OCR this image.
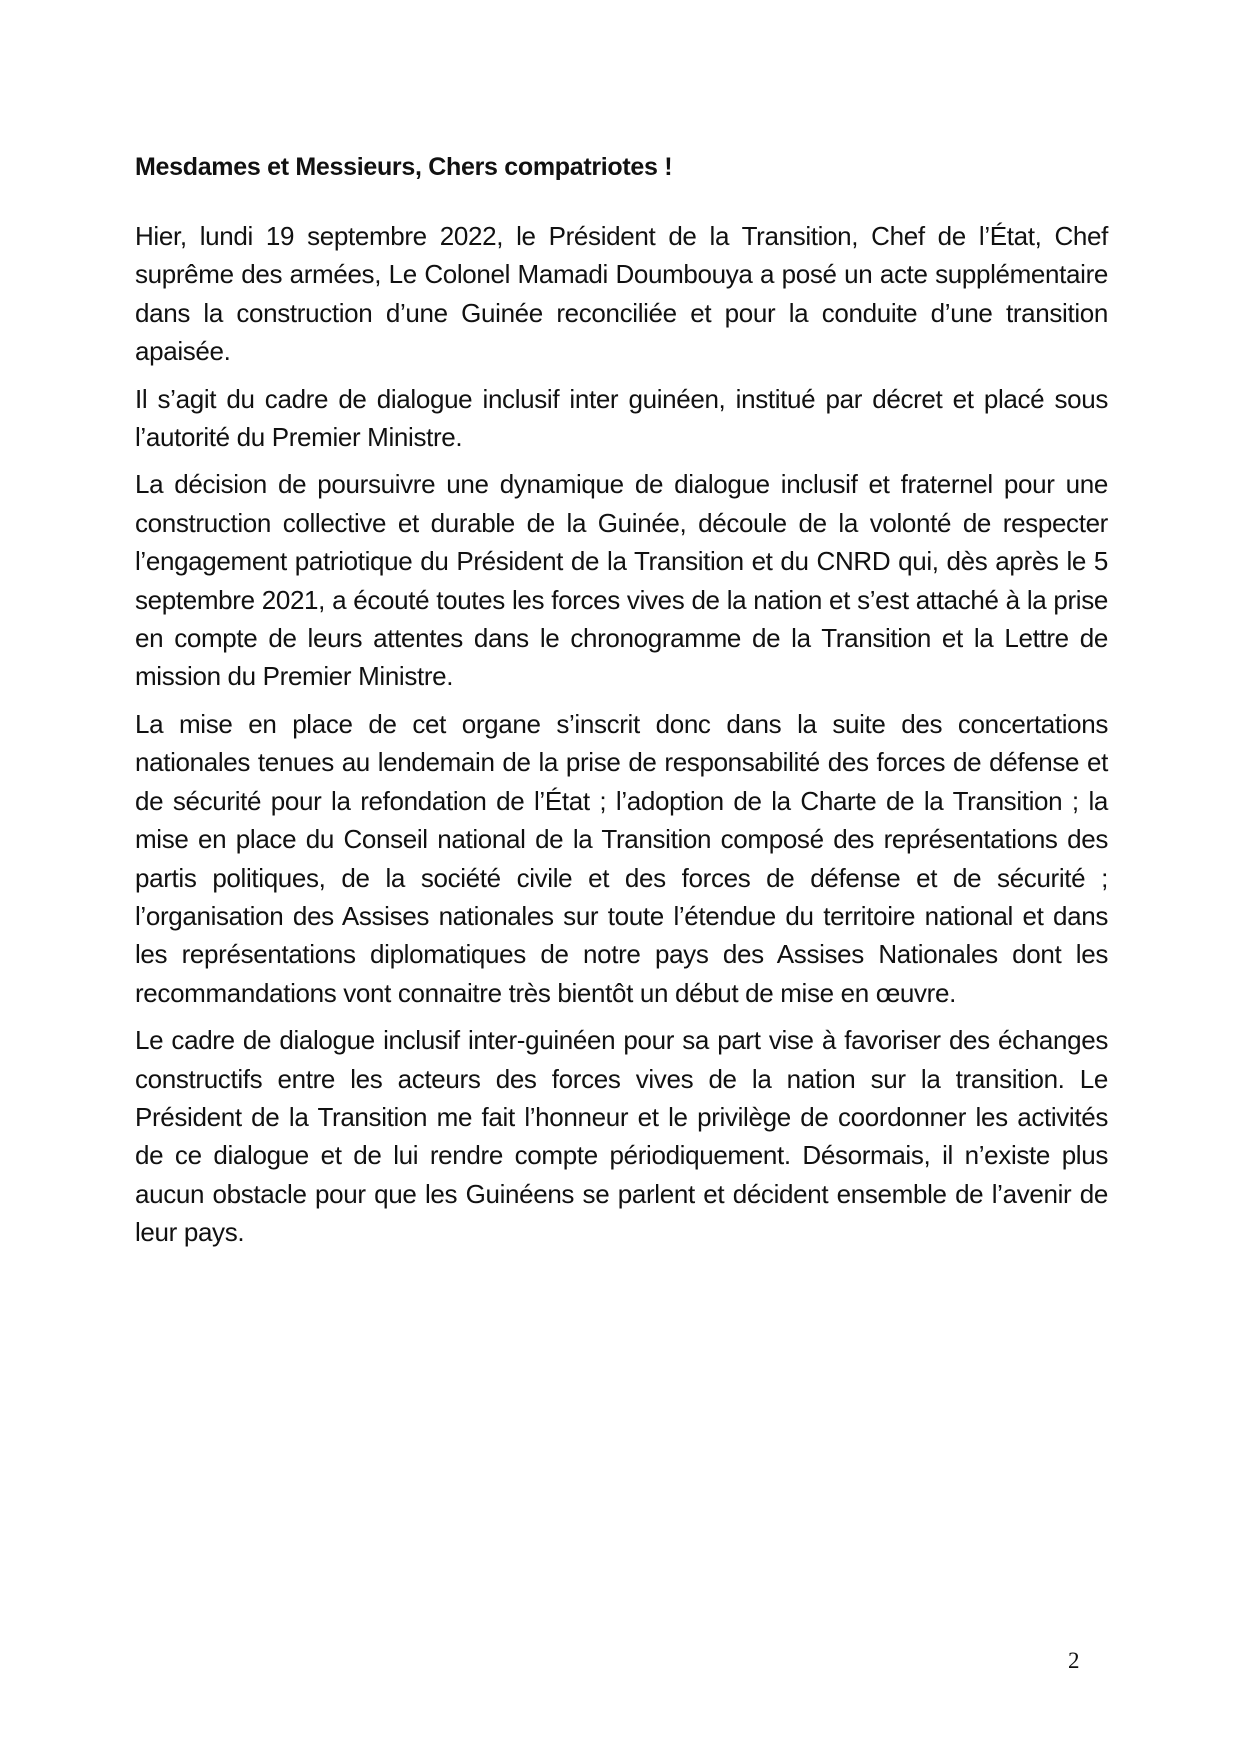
Mesdames et Messieurs, Chers compatriotes !

Hier, lundi 19 septembre 2022, le Président de la Transition, Chef de l’État, Chef suprême des armées, Le Colonel Mamadi Doumbouya a posé un acte supplémentaire dans la construction d’une Guinée reconciliée et pour la conduite d’une transition apaisée.

Il s’agit du cadre de dialogue inclusif inter guinéen, institué par décret et placé sous l’autorité du Premier Ministre.

La décision de poursuivre une dynamique de dialogue inclusif et fraternel pour une construction collective et durable de la Guinée, découle de la volonté de respecter l’engagement patriotique du Président de la Transition et du CNRD qui, dès après le 5 septembre 2021, a écouté toutes les forces vives de la nation et s’est attaché à la prise en compte de leurs attentes dans le chronogramme de la Transition et la Lettre de mission du Premier Ministre.

La mise en place de cet organe s’inscrit donc dans la suite des concertations nationales tenues au lendemain de la prise de responsabilité des forces de défense et de sécurité pour la refondation de l’État ; l’adoption de la Charte de la Transition ; la mise en place du Conseil national de la Transition composé des représentations des partis politiques, de la société civile et des forces de défense et de sécurité ; l’organisation des Assises nationales sur toute l’étendue du territoire national et dans les représentations diplomatiques de notre pays des Assises Nationales dont les recommandations vont connaitre très bientôt un début de mise en œuvre.

Le cadre de dialogue inclusif inter-guinéen pour sa part vise à favoriser des échanges constructifs entre les acteurs des forces vives de la nation sur la transition. Le Président de la Transition me fait l’honneur et le privilège de coordonner les activités de ce dialogue et de lui rendre compte périodiquement. Désormais, il n’existe plus aucun obstacle pour que les Guinéens se parlent et décident ensemble de l’avenir de leur pays.

2
